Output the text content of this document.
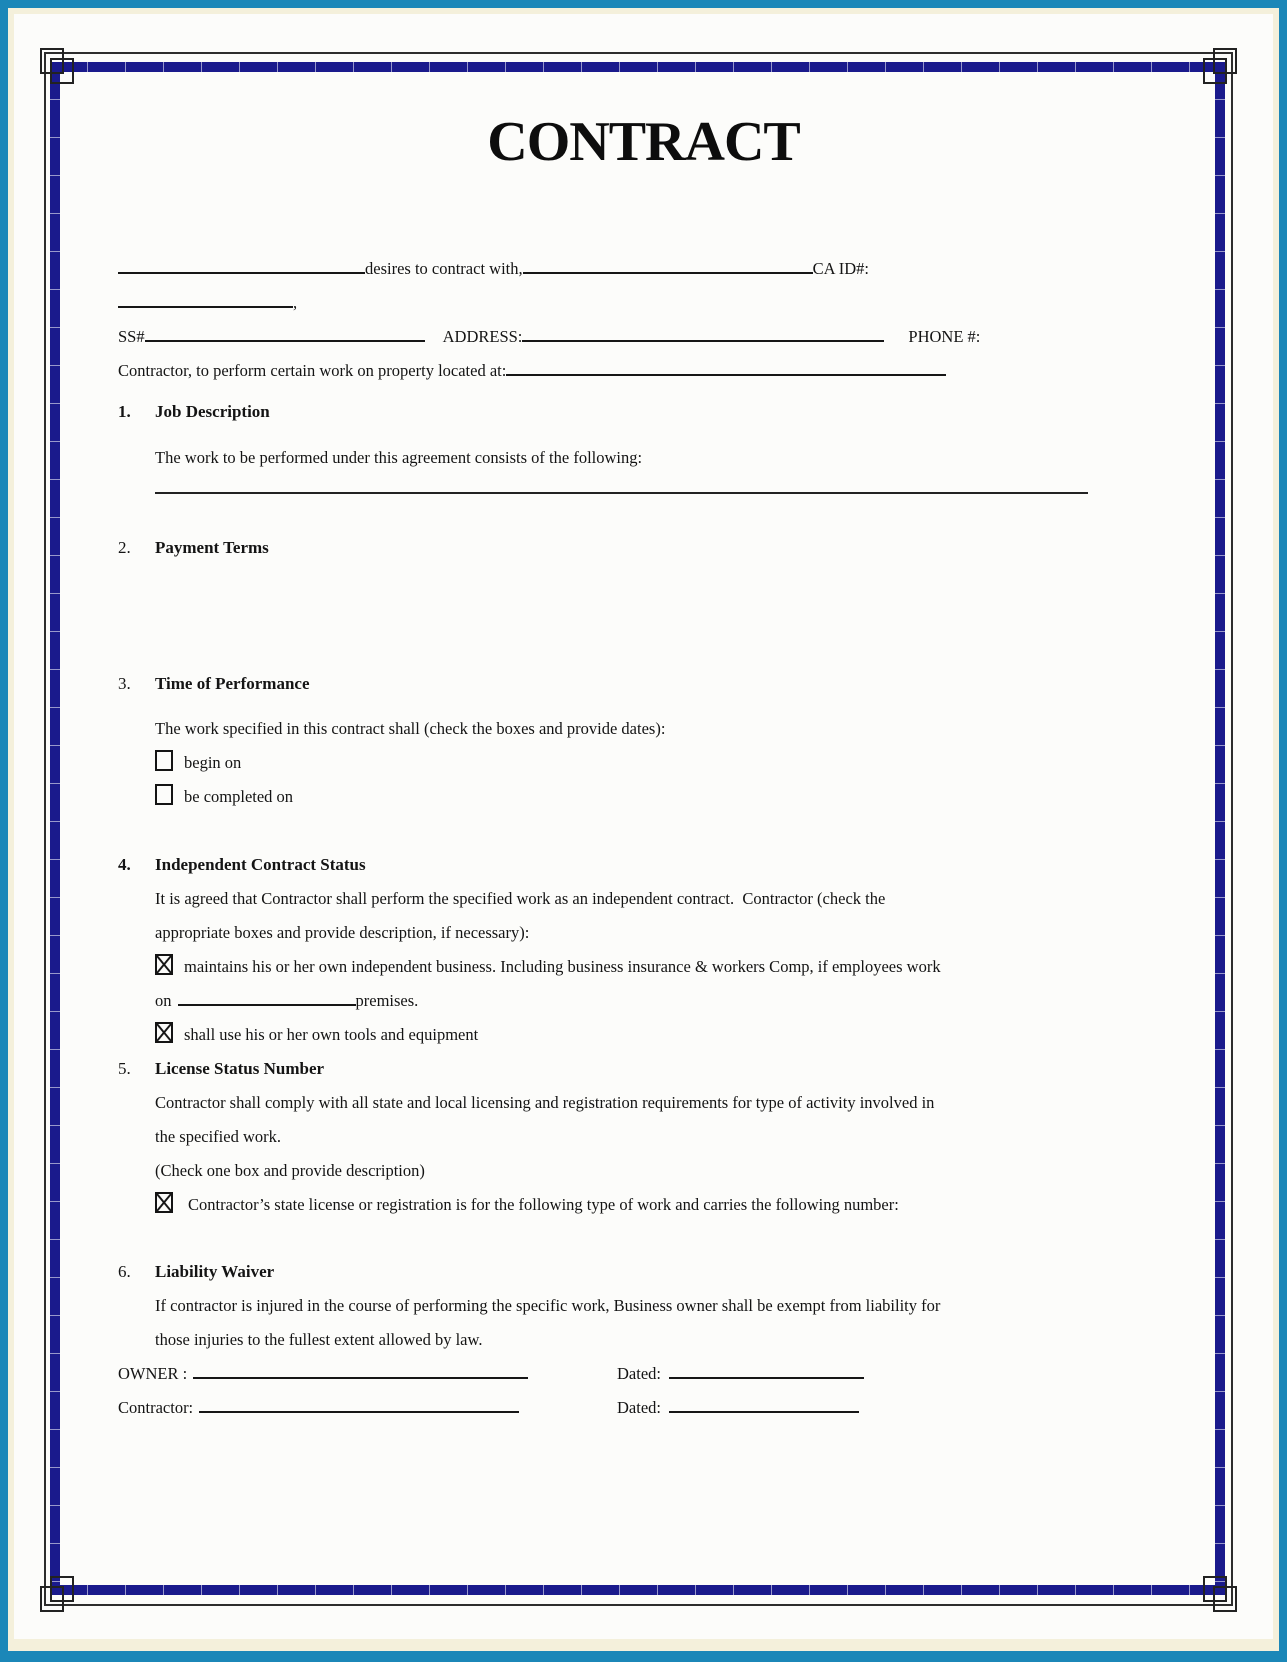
CONTRACT
desires to contract with,	CA ID#:
,
SS#	ADDRESS:	PHONE #:
Contractor, to perform certain work on property located at:
1. Job Description
The work to be performed under this agreement consists of the following:
2. Payment Terms
3. Time of Performance
The work specified in this contract shall (check the boxes and provide dates):
begin on
be completed on
4. Independent Contract Status
It is agreed that Contractor shall perform the specified work as an independent contract.  Contractor (check the
appropriate boxes and provide description, if necessary):
maintains his or her own independent business. Including business insurance & workers Comp, if employees work
on	premises.
shall use his or her own tools and equipment
5. License Status Number
Contractor shall comply with all state and local licensing and registration requirements for type of activity involved in
the specified work.
(Check one box and provide description)
Contractor’s state license or registration is for the following type of work and carries the following number:
6. Liability Waiver
If contractor is injured in the course of performing the specific work, Business owner shall be exempt from liability for
those injuries to the fullest extent allowed by law.
OWNER :	Dated:
Contractor:	Dated:
